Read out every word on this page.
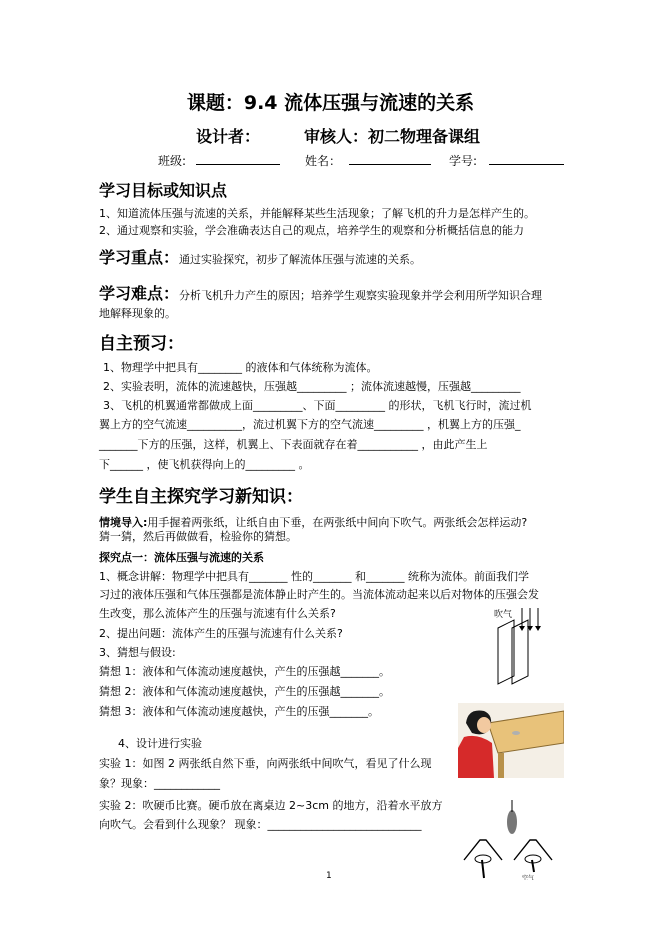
课题：9.4 流体压强与流速的关系
设计者：	审核人：初二物理备课组
班级:	姓名：	学号:
学习目标或知识点
1、知道流体压强与流速的关系，并能解释某些生活现象；了解飞机的升力是怎样产生的。
2、通过观察和实验，学会准确表达自己的观点，培养学生的观察和分析概括信息的能力
学习重点：通过实验探究，初步了解流体压强与流速的关系。
学习难点：分析飞机升力产生的原因；培养学生观察实验现象并学会利用所学知识合理
地解释现象的。
自主预习：
1、物理学中把具有________ 的液体和气体统称为流体。
2、实验表明，流体的流速越快，压强越_________ ；流体流速越慢，压强越_________
3、飞机的机翼通常都做成上面_________、下面_________ 的形状，飞机飞行时，流过机
翼上方的空气流速__________，流过机翼下方的空气流速_________ ，机翼上方的压强_
_______下方的压强，这样，机翼上、下表面就存在着___________ ，由此产生上
下______ ，使飞机获得向上的_________ 。
学生自主探究学习新知识：
情境导入:用手握着两张纸，让纸自由下垂，在两张纸中间向下吹气。两张纸会怎样运动?
猜一猜，然后再做做看，检验你的猜想。
探究点一：流体压强与流速的关系
1、概念讲解：物理学中把具有_______ 性的_______ 和_______ 统称为流体。前面我们学
习过的液体压强和气体压强都是流体静止时产生的。当流体流动起来以后对物体的压强会发
生改变，那么流体产生的压强与流速有什么关系?
2、提出问题：流体产生的压强与流速有什么关系?
3、猜想与假设:
猜想 1：液体和气体流动速度越快，产生的压强越_______。
猜想 2：液体和气体流动速度越快，产生的压强越_______。
猜想 3：液体和气体流动速度越快，产生的压强_______。
4、设计进行实验
实验 1：如图 2 两张纸自然下垂，向两张纸中间吹气，看见了什么现
象？现象：____________
实验 2：吹硬币比赛。硬币放在离桌边 2~3cm 的地方，沿着水平放方
向吹气。会看到什么现象？ 现象：____________________________
吹气
空气
1
